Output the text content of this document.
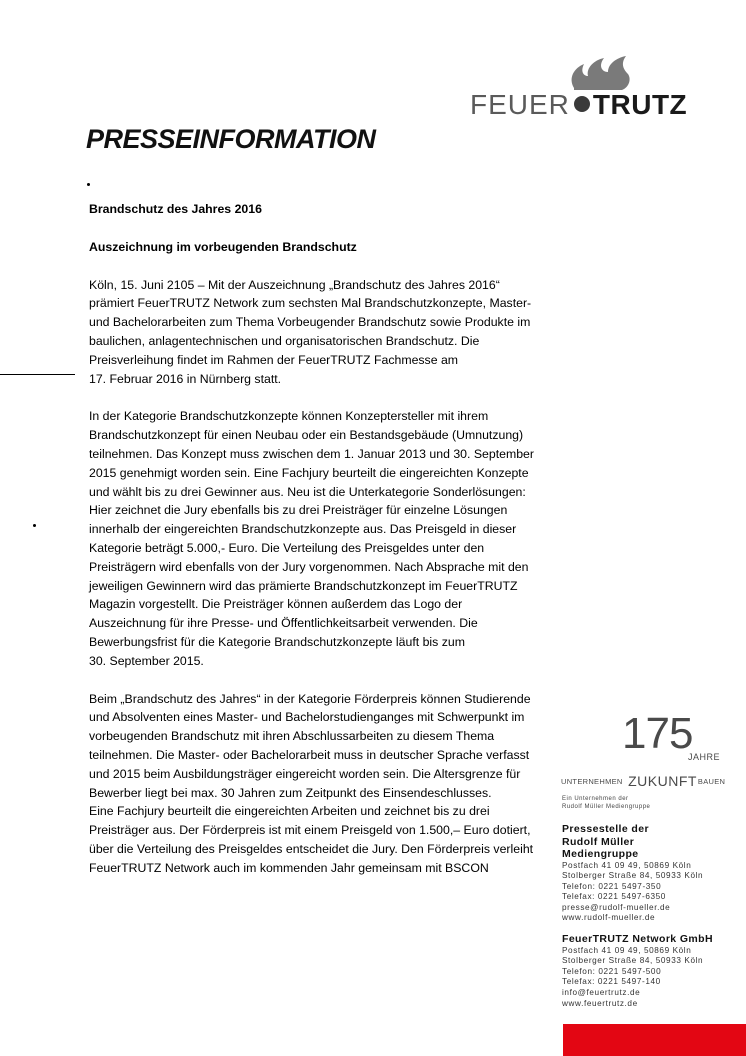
FEUER TRUTZ
PRESSEINFORMATION

Brandschutz des Jahres 2016

Auszeichnung im vorbeugenden Brandschutz

Köln, 15. Juni 2105 – Mit der Auszeichnung „Brandschutz des Jahres 2016“

prämiert FeuerTRUTZ Network zum sechsten Mal Brandschutzkonzepte, Master-

und Bachelorarbeiten zum Thema Vorbeugender Brandschutz sowie Produkte im

baulichen, anlagentechnischen und organisatorischen Brandschutz. Die

Preisverleihung findet im Rahmen der FeuerTRUTZ Fachmesse am

17. Februar 2016 in Nürnberg statt.

In der Kategorie Brandschutzkonzepte können Konzeptersteller mit ihrem

Brandschutzkonzept für einen Neubau oder ein Bestandsgebäude (Umnutzung)

teilnehmen. Das Konzept muss zwischen dem 1. Januar 2013 und 30. September

2015 genehmigt worden sein. Eine Fachjury beurteilt die eingereichten Konzepte

und wählt bis zu drei Gewinner aus. Neu ist die Unterkategorie Sonderlösungen:

Hier zeichnet die Jury ebenfalls bis zu drei Preisträger für einzelne Lösungen

innerhalb der eingereichten Brandschutzkonzepte aus. Das Preisgeld in dieser

Kategorie beträgt 5.000,- Euro. Die Verteilung des Preisgeldes unter den

Preisträgern wird ebenfalls von der Jury vorgenommen. Nach Absprache mit den

jeweiligen Gewinnern wird das prämierte Brandschutzkonzept im FeuerTRUTZ

Magazin vorgestellt. Die Preisträger können außerdem das Logo der

Auszeichnung für ihre Presse- und Öffentlichkeitsarbeit verwenden. Die

Bewerbungsfrist für die Kategorie Brandschutzkonzepte läuft bis zum

30. September 2015.

Beim „Brandschutz des Jahres“ in der Kategorie Förderpreis können Studierende

und Absolventen eines Master- und Bachelorstudienganges mit Schwerpunkt im

vorbeugenden Brandschutz mit ihren Abschlussarbeiten zu diesem Thema

teilnehmen. Die Master- oder Bachelorarbeit muss in deutscher Sprache verfasst

und 2015 beim Ausbildungsträger eingereicht worden sein. Die Altersgrenze für

Bewerber liegt bei max. 30 Jahren zum Zeitpunkt des Einsendeschlusses.

Eine Fachjury beurteilt die eingereichten Arbeiten und zeichnet bis zu drei

Preisträger aus. Der Förderpreis ist mit einem Preisgeld von 1.500,– Euro dotiert,

über die Verteilung des Preisgeldes entscheidet die Jury. Den Förderpreis verleiht

FeuerTRUTZ Network auch im kommenden Jahr gemeinsam mit BSCON

175
JAHRE
UNTERNEHMEN ZUKUNFTBAUEN
Ein Unternehmen der
Rudolf Müller Mediengruppe
Pressestelle der
Rudolf Müller
Mediengruppe
Postfach 41 09 49, 50869 Köln
Stolberger Straße 84, 50933 Köln
Telefon: 0221 5497-350
Telefax: 0221 5497-6350
presse@rudolf-mueller.de
www.rudolf-mueller.de
FeuerTRUTZ Network GmbH
Postfach 41 09 49, 50869 Köln
Stolberger Straße 84, 50933 Köln
Telefon: 0221 5497-500
Telefax: 0221 5497-140
info@feuertrutz.de
www.feuertrutz.de
